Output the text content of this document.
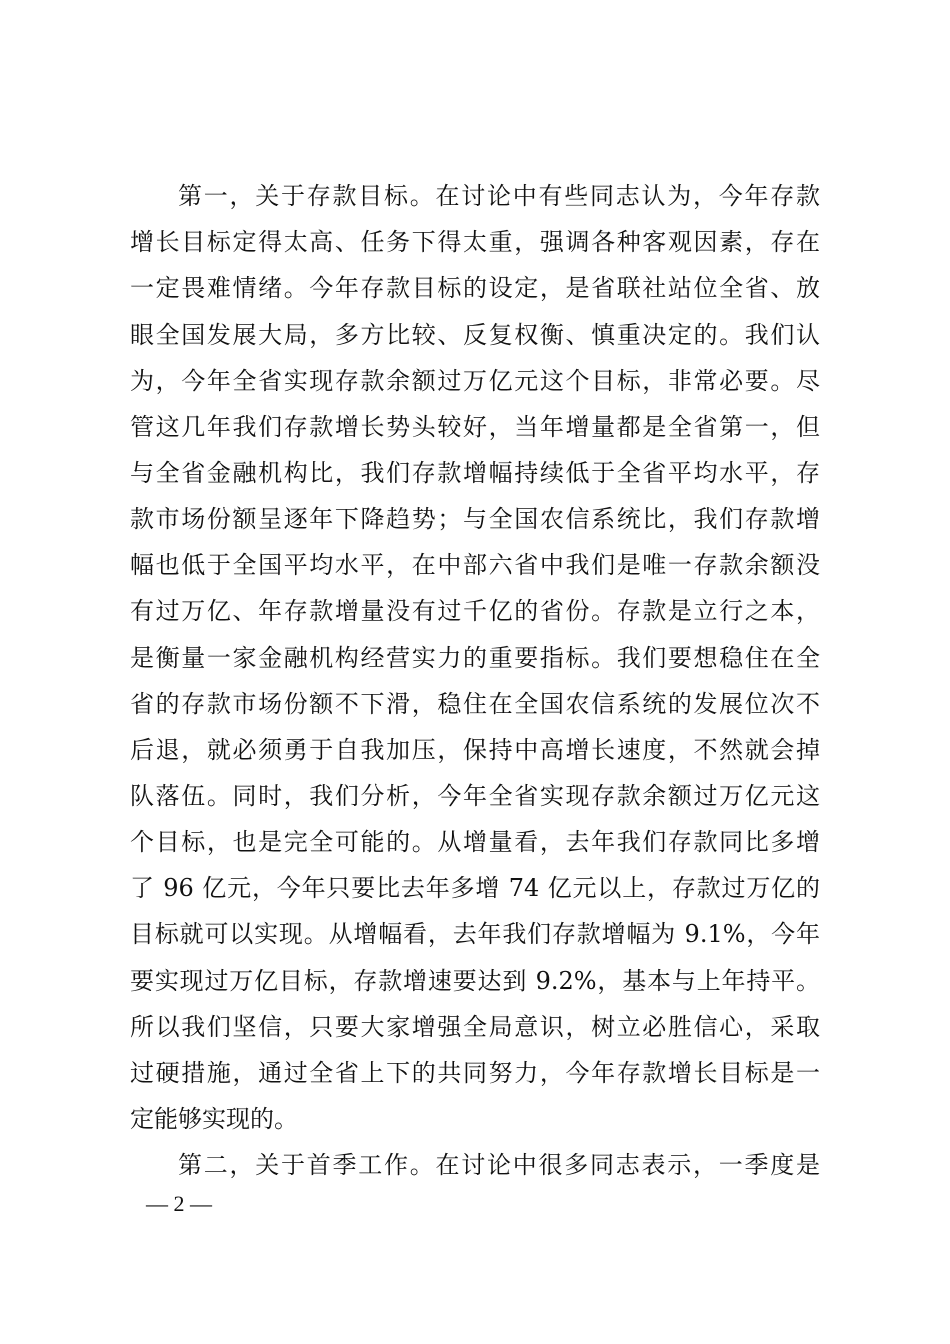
第一，关于存款目标。在讨论中有些同志认为，今年存款
增长目标定得太高、任务下得太重，强调各种客观因素，存在
一定畏难情绪。今年存款目标的设定，是省联社站位全省、放
眼全国发展大局，多方比较、反复权衡、慎重决定的。我们认
为，今年全省实现存款余额过万亿元这个目标，非常必要。尽
管这几年我们存款增长势头较好，当年增量都是全省第一，但
与全省金融机构比，我们存款增幅持续低于全省平均水平，存
款市场份额呈逐年下降趋势；与全国农信系统比，我们存款增
幅也低于全国平均水平，在中部六省中我们是唯一存款余额没
有过万亿、年存款增量没有过千亿的省份。存款是立行之本，
是衡量一家金融机构经营实力的重要指标。我们要想稳住在全
省的存款市场份额不下滑，稳住在全国农信系统的发展位次不
后退，就必须勇于自我加压，保持中高增长速度，不然就会掉
队落伍。同时，我们分析，今年全省实现存款余额过万亿元这
个目标，也是完全可能的。从增量看，去年我们存款同比多增
了 96 亿元，今年只要比去年多增 74 亿元以上，存款过万亿的
目标就可以实现。从增幅看，去年我们存款增幅为 9.1%，今年
要实现过万亿目标，存款增速要达到 9.2%，基本与上年持平。
所以我们坚信，只要大家增强全局意识，树立必胜信心，采取
过硬措施，通过全省上下的共同努力，今年存款增长目标是一
定能够实现的。
第二，关于首季工作。在讨论中很多同志表示，一季度是
— 2 —
